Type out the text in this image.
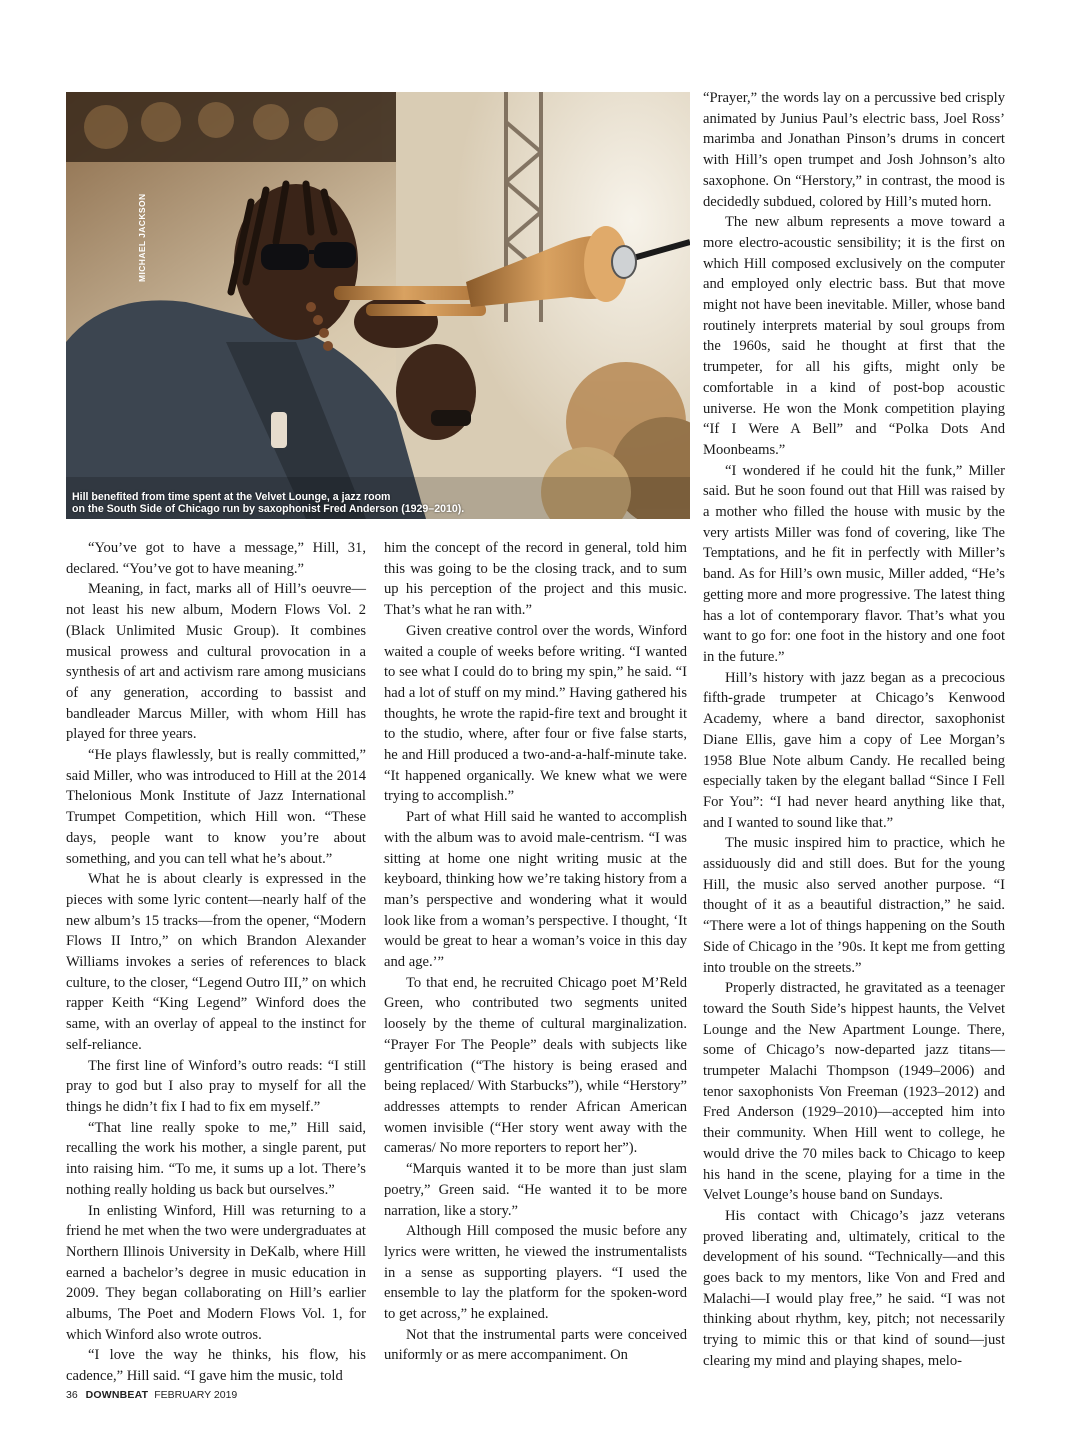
MICHAEL JACKSON
Hill benefited from time spent at the Velvet Lounge, a jazz room
on the South Side of Chicago run by saxophonist Fred Anderson (1929–2010).

“You’ve got to have a message,” Hill, 31, declared. “You’ve got to have meaning.”

Meaning, in fact, marks all of Hill’s oeuvre—not least his new album, Modern Flows Vol. 2 (Black Unlimited Music Group). It combines musical prowess and cultural provocation in a synthesis of art and activism rare among musicians of any generation, according to bassist and bandleader Marcus Miller, with whom Hill has played for three years.

“He plays flawlessly, but is really committed,” said Miller, who was introduced to Hill at the 2014 Thelonious Monk Institute of Jazz International Trumpet Competition, which Hill won. “These days, people want to know you’re about something, and you can tell what he’s about.”

What he is about clearly is expressed in the pieces with some lyric content—nearly half of the new album’s 15 tracks—from the opener, “Modern Flows II Intro,” on which Brandon Alexander Williams invokes a series of references to black culture, to the closer, “Legend Outro III,” on which rapper Keith “King Legend” Winford does the same, with an overlay of appeal to the instinct for self-reliance.

The first line of Winford’s outro reads: “I still pray to god but I also pray to myself for all the things he didn’t fix I had to fix em myself.”

“That line really spoke to me,” Hill said, recalling the work his mother, a single parent, put into raising him. “To me, it sums up a lot. There’s nothing really holding us back but ourselves.”

In enlisting Winford, Hill was returning to a friend he met when the two were undergraduates at Northern Illinois University in DeKalb, where Hill earned a bachelor’s degree in music education in 2009. They began collaborating on Hill’s earlier albums, The Poet and Modern Flows Vol. 1, for which Winford also wrote outros.

“I love the way he thinks, his flow, his cadence,” Hill said. “I gave him the music, told

him the concept of the record in general, told him this was going to be the closing track, and to sum up his perception of the project and this music. That’s what he ran with.”

Given creative control over the words, Winford waited a couple of weeks before writing. “I wanted to see what I could do to bring my spin,” he said. “I had a lot of stuff on my mind.” Having gathered his thoughts, he wrote the rapid-fire text and brought it to the studio, where, after four or five false starts, he and Hill produced a two-and-a-half-minute take. “It happened organically. We knew what we were trying to accomplish.”

Part of what Hill said he wanted to accomplish with the album was to avoid male-centrism. “I was sitting at home one night writing music at the keyboard, thinking how we’re taking history from a man’s perspective and wondering what it would look like from a woman’s perspective. I thought, ‘It would be great to hear a woman’s voice in this day and age.’”

To that end, he recruited Chicago poet M’Reld Green, who contributed two segments united loosely by the theme of cultural marginalization. “Prayer For The People” deals with subjects like gentrification (“The history is being erased and being replaced/ With Starbucks”), while “Herstory” addresses attempts to render African American women invisible (“Her story went away with the cameras/ No more reporters to report her”).

“Marquis wanted it to be more than just slam poetry,” Green said. “He wanted it to be more narration, like a story.”

Although Hill composed the music before any lyrics were written, he viewed the instrumentalists in a sense as supporting players. “I used the ensemble to lay the platform for the spoken-word to get across,” he explained.

Not that the instrumental parts were conceived uniformly or as mere accompaniment. On

“Prayer,” the words lay on a percussive bed crisply animated by Junius Paul’s electric bass, Joel Ross’ marimba and Jonathan Pinson’s drums in concert with Hill’s open trumpet and Josh Johnson’s alto saxophone. On “Herstory,” in contrast, the mood is decidedly subdued, colored by Hill’s muted horn.

The new album represents a move toward a more electro-acoustic sensibility; it is the first on which Hill composed exclusively on the computer and employed only electric bass. But that move might not have been inevitable. Miller, whose band routinely interprets material by soul groups from the 1960s, said he thought at first that the trumpeter, for all his gifts, might only be comfortable in a kind of post-bop acoustic universe. He won the Monk competition playing “If I Were A Bell” and “Polka Dots And Moonbeams.”

“I wondered if he could hit the funk,” Miller said. But he soon found out that Hill was raised by a mother who filled the house with music by the very artists Miller was fond of covering, like The Temptations, and he fit in perfectly with Miller’s band. As for Hill’s own music, Miller added, “He’s getting more and more progressive. The latest thing has a lot of contemporary flavor. That’s what you want to go for: one foot in the history and one foot in the future.”

Hill’s history with jazz began as a precocious fifth-grade trumpeter at Chicago’s Kenwood Academy, where a band director, saxophonist Diane Ellis, gave him a copy of Lee Morgan’s 1958 Blue Note album Candy. He recalled being especially taken by the elegant ballad “Since I Fell For You”: “I had never heard anything like that, and I wanted to sound like that.”

The music inspired him to practice, which he assiduously did and still does. But for the young Hill, the music also served another purpose. “I thought of it as a beautiful distraction,” he said. “There were a lot of things happening on the South Side of Chicago in the ’90s. It kept me from getting into trouble on the streets.”

Properly distracted, he gravitated as a teenager toward the South Side’s hippest haunts, the Velvet Lounge and the New Apartment Lounge. There, some of Chicago’s now-departed jazz titans—trumpeter Malachi Thompson (1949–2006) and tenor saxophonists Von Freeman (1923–2012) and Fred Anderson (1929–2010)—accepted him into their community. When Hill went to college, he would drive the 70 miles back to Chicago to keep his hand in the scene, playing for a time in the Velvet Lounge’s house band on Sundays.

His contact with Chicago’s jazz veterans proved liberating and, ultimately, critical to the development of his sound. “Technically—and this goes back to my mentors, like Von and Fred and Malachi—I would play free,” he said. “I was not thinking about rhythm, key, pitch; not necessarily trying to mimic this or that kind of sound—just clearing my mind and playing shapes, melo-

36 DOWNBEAT FEBRUARY 2019
